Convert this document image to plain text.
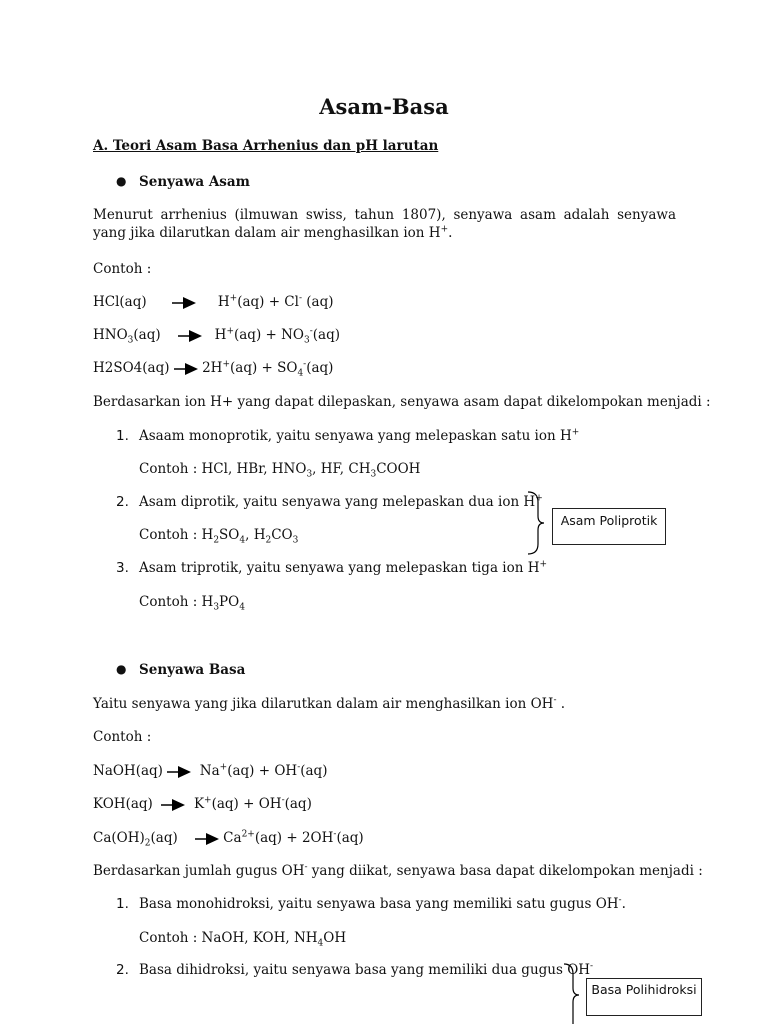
Asam-Basa
A. Teori Asam Basa Arrhenius dan pH larutan
● Senyawa Asam
Menurut arrhenius (ilmuwan swiss, tahun 1807), senyawa asam adalah senyawa yang jika dilarutkan dalam air menghasilkan ion H+.
Contoh :
HCl(aq)           H+(aq) + Cl- (aq)
$HNO_3(aq)$       $H^+(aq) + NO_3^-(aq)$
H2SO4(aq)  $2H^+(aq) + SO_4^-(aq)$
Berdasarkan ion H+ yang dapat dilepaskan, senyawa asam dapat dikelompokan menjadi :
1. Asaam monoprotik, yaitu senyawa yang melepaskan satu ion H+
Contoh : HCl, HBr, $HNO_3$, HF, $CH_3COOH$
2. Asam diprotik, yaitu senyawa yang melepaskan dua ion H+
Contoh : $H_2SO_4$, $H_2CO_3$
3. Asam triprotik, yaitu senyawa yang melepaskan tiga ion H+
Contoh : $H_3PO_4$
Asam Poliprotik
● Senyawa Basa
Yaitu senyawa yang jika dilarutkan dalam air menghasilkan ion OH- .
Contoh :
NaOH(aq)   Na+(aq) + OH-(aq)
KOH(aq)    K+(aq) + OH-(aq)
$Ca(OH)_2(aq)$     $Ca^{2+}(aq) + 2OH^-(aq)$
Berdasarkan jumlah gugus OH- yang diikat, senyawa basa dapat dikelompokan menjadi :
1. Basa monohidroksi, yaitu senyawa basa yang memiliki satu gugus OH-.
Contoh : NaOH, KOH, $NH_4OH$
2. Basa dihidroksi, yaitu senyawa basa yang memiliki dua gugus OH-
Basa Polihidroksi
